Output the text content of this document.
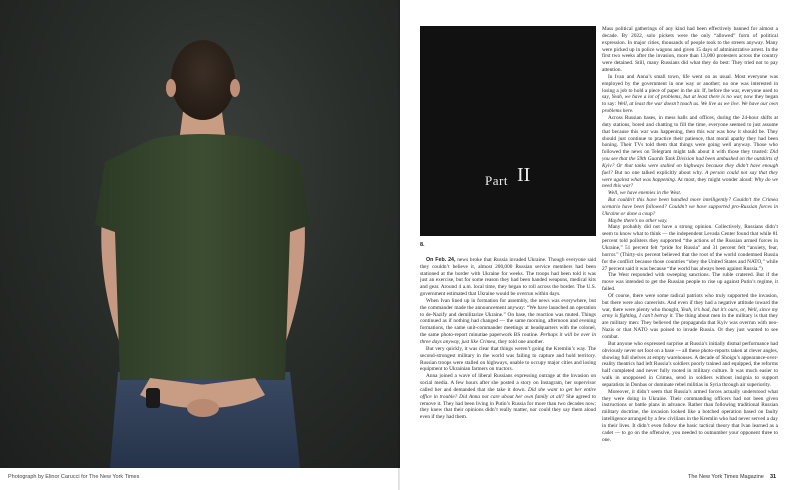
Photograph by Elinor Carucci for The New York Times
Part II
8.

On Feb. 24, news broke that Russia invaded Ukraine. Though everyone said they couldn’t believe it, almost 200,000 Russian service members had been stationed at the border with Ukraine for weeks. The troops had been told it was just an exercise, but for some reason they had been handed weapons, medical kits and gear. Around 4 a.m. local time, they began to roll across the border. The U.S. government estimated that Ukraine would be overrun within days.

When Ivan lined up in formation for assembly, the news was everywhere, but the commander made the announcement anyway: “We have launched an operation to de-Nazify and demilitarize Ukraine.” On base, the reaction was muted. Things continued as if nothing had changed — the same morning, afternoon and evening formations, the same unit-commander meetings at headquarters with the colonel, the same photo-report minutiae paperwork BS routine. Perhaps it will be over in three days anyway, just like Crimea, they told one another.

But very quickly, it was clear that things weren’t going the Kremlin’s way. The second-strongest military in the world was failing to capture and hold territory. Russian troops were stalled on highways, unable to occupy major cities and losing equipment to Ukrainian farmers on tractors.

Anna joined a wave of liberal Russians expressing outrage at the invasion on social media. A few hours after she posted a story on Instagram, her supervisor called her and demanded that she take it down. Did she want to get her entire office in trouble? Did Anna not care about her own family at all? She agreed to remove it. They had been living in Putin’s Russia for more than two decades now; they knew that their opinions didn’t really matter, nor could they say them aloud even if they had them.

Mass political gatherings of any kind had been effectively banned for almost a decade. By 2022, solo pickets were the only “allowed” form of political expression. In major cities, thousands of people took to the streets anyway. Many were picked up in police wagons and given 15 days of administrative arrest. In the first two weeks after the invasion, more than 13,000 protesters across the country were detained. Still, many Russians did what they do best: They tried not to pay attention.

In Ivan and Anna’s small town, life went on as usual. Most everyone was employed by the government in one way or another; no one was interested in losing a job to hold a piece of paper in the air. If, before the war, everyone used to say, Yeah, we have a lot of problems, but at least there is no war, now they began to say: Well, at least the war doesn’t touch us. We live as we live. We have our own problems here.

Across Russian bases, in mess halls and offices, during the 24-hour shifts at duty stations, bored and chatting to fill the time, everyone seemed to just assume that because this war was happening, then this war was how it should be. They should just continue to practice their patience, that moral apathy they had been honing. Their TVs told them that things were going well anyway. Those who followed the news on Telegram might talk about it with those they trusted: Did you see that the 59th Guards Tank Division had been ambushed on the outskirts of Kyiv? Or that tanks were stalled on highways because they didn’t have enough fuel? But no one talked explicitly about why. A person could not say that they were against what was happening. At most, they might wonder aloud: Why do we need this war?

Well, we have enemies in the West.

But couldn’t this have been handled more intelligently? Couldn’t the Crimea scenario have been followed? Couldn’t we have supported pro-Russian forces in Ukraine or done a coup?

Maybe there’s no other way.

Many probably did not have a strong opinion. Collectively, Russians didn’t seem to know what to think — the independent Levada Center found that while 81 percent told pollsters they supported “the actions of the Russian armed forces in Ukraine,” 51 percent felt “pride for Russia” and 31 percent felt “anxiety, fear, horror.” (Thirty-six percent believed that the root of the world condemned Russia for the conflict because those countries “obey the United States and NATO,” while 27 percent said it was because “the world has always been against Russia.”)

The West responded with sweeping sanctions. The ruble cratered. But if the move was intended to get the Russian people to rise up against Putin’s regime, it failed.

Of course, there were some radical patriots who truly supported the invasion, but there were also careerists. And even if they had a negative attitude toward the war, there were plenty who thought, Yeah, it’s bad, but it’s ours, or, Well, since my army is fighting, I can’t betray it. The thing about men in the military is that they are military men: They believed the propaganda that Kyiv was overrun with neo-Nazis or that NATO was poised to invade Russia. Or they just wanted to see combat.

But anyone who expressed surprise at Russia’s initially dismal performance had obviously never set foot on a base — all these photo-reports taken at clever angles, showing full shelves at empty warehouses. A decade of Shoigu’s appearance-over-reality theatrics had left Russia’s soldiers poorly trained and equipped, the reforms half completed and never fully rooted in military culture. It was much easier to walk in unopposed in Crimea, send in soldiers without insignia to support separatists in Donbas or dominate rebel militias in Syria through air superiority.

Moreover, it didn’t seem that Russia’s armed forces actually understood what they were doing in Ukraine. Their commanding officers had not been given instructions or battle plans in advance. Rather than following traditional Russian military doctrine, the invasion looked like a botched operation based on faulty intelligence arranged by a few civilians in the Kremlin who had never served a day in their lives. It didn’t even follow the basic tactical theory that Ivan learned as a cadet — to go on the offensive, you needed to outnumber your opponent three to one.

The New York Times Magazine 31
